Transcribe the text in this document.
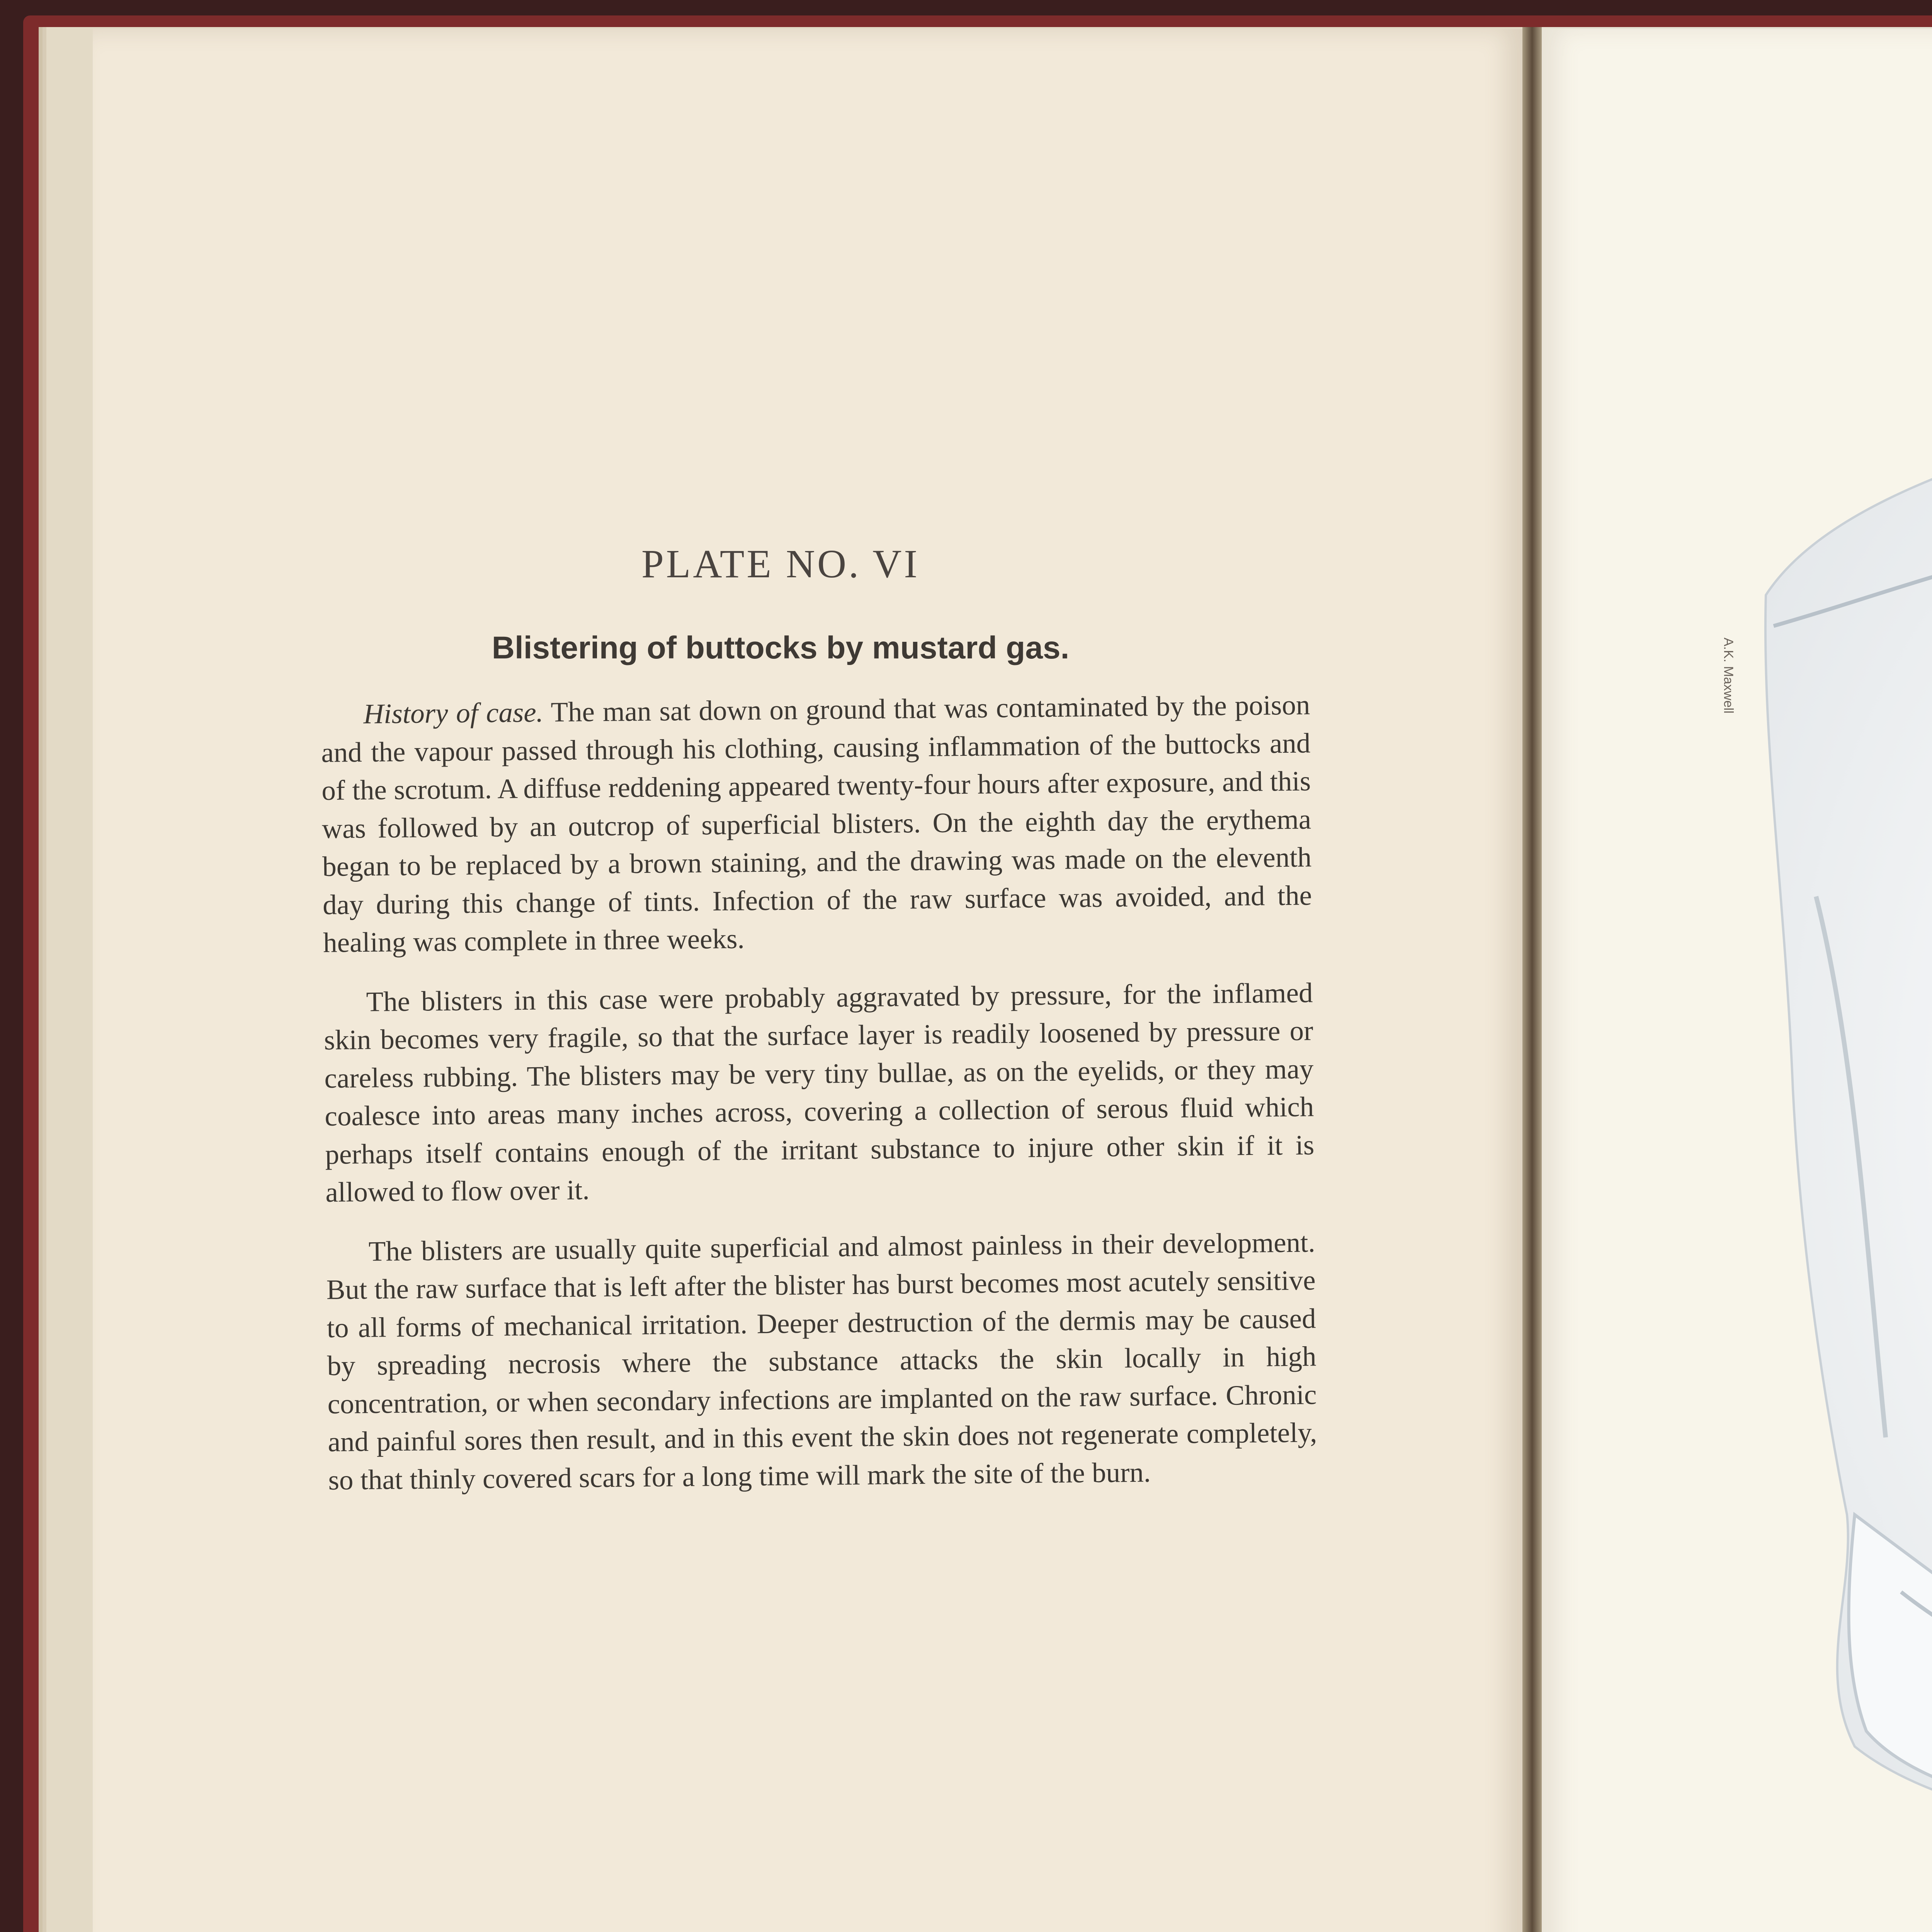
PLATE NO. VI
Blistering of buttocks by mustard gas.

History of case. The man sat down on ground that was contaminated by the poison and the vapour passed through his clothing, causing inflammation of the buttocks and of the scrotum. A diffuse reddening appeared twenty-four hours after exposure, and this was followed by an outcrop of superficial blisters. On the eighth day the erythema began to be replaced by a brown staining, and the drawing was made on the eleventh day during this change of tints. Infection of the raw surface was avoided, and the healing was complete in three weeks.

The blisters in this case were probably aggravated by pressure, for the inflamed skin becomes very fragile, so that the surface layer is readily loosened by pressure or careless rubbing. The blisters may be very tiny bullae, as on the eyelids, or they may coalesce into areas many inches across, covering a collection of serous fluid which perhaps itself contains enough of the irritant substance to injure other skin if it is allowed to flow over it.

The blisters are usually quite superficial and almost painless in their development. But the raw surface that is left after the blister has burst becomes most acutely sensitive to all forms of mechanical irritation. Deeper destruction of the dermis may be caused by spreading necrosis where the substance attacks the skin locally in high concentration, or when secondary infections are implanted on the raw surface. Chronic and painful sores then result, and in this event the skin does not regenerate completely, so that thinly covered scars for a long time will mark the site of the burn.

A.K. Maxwell
